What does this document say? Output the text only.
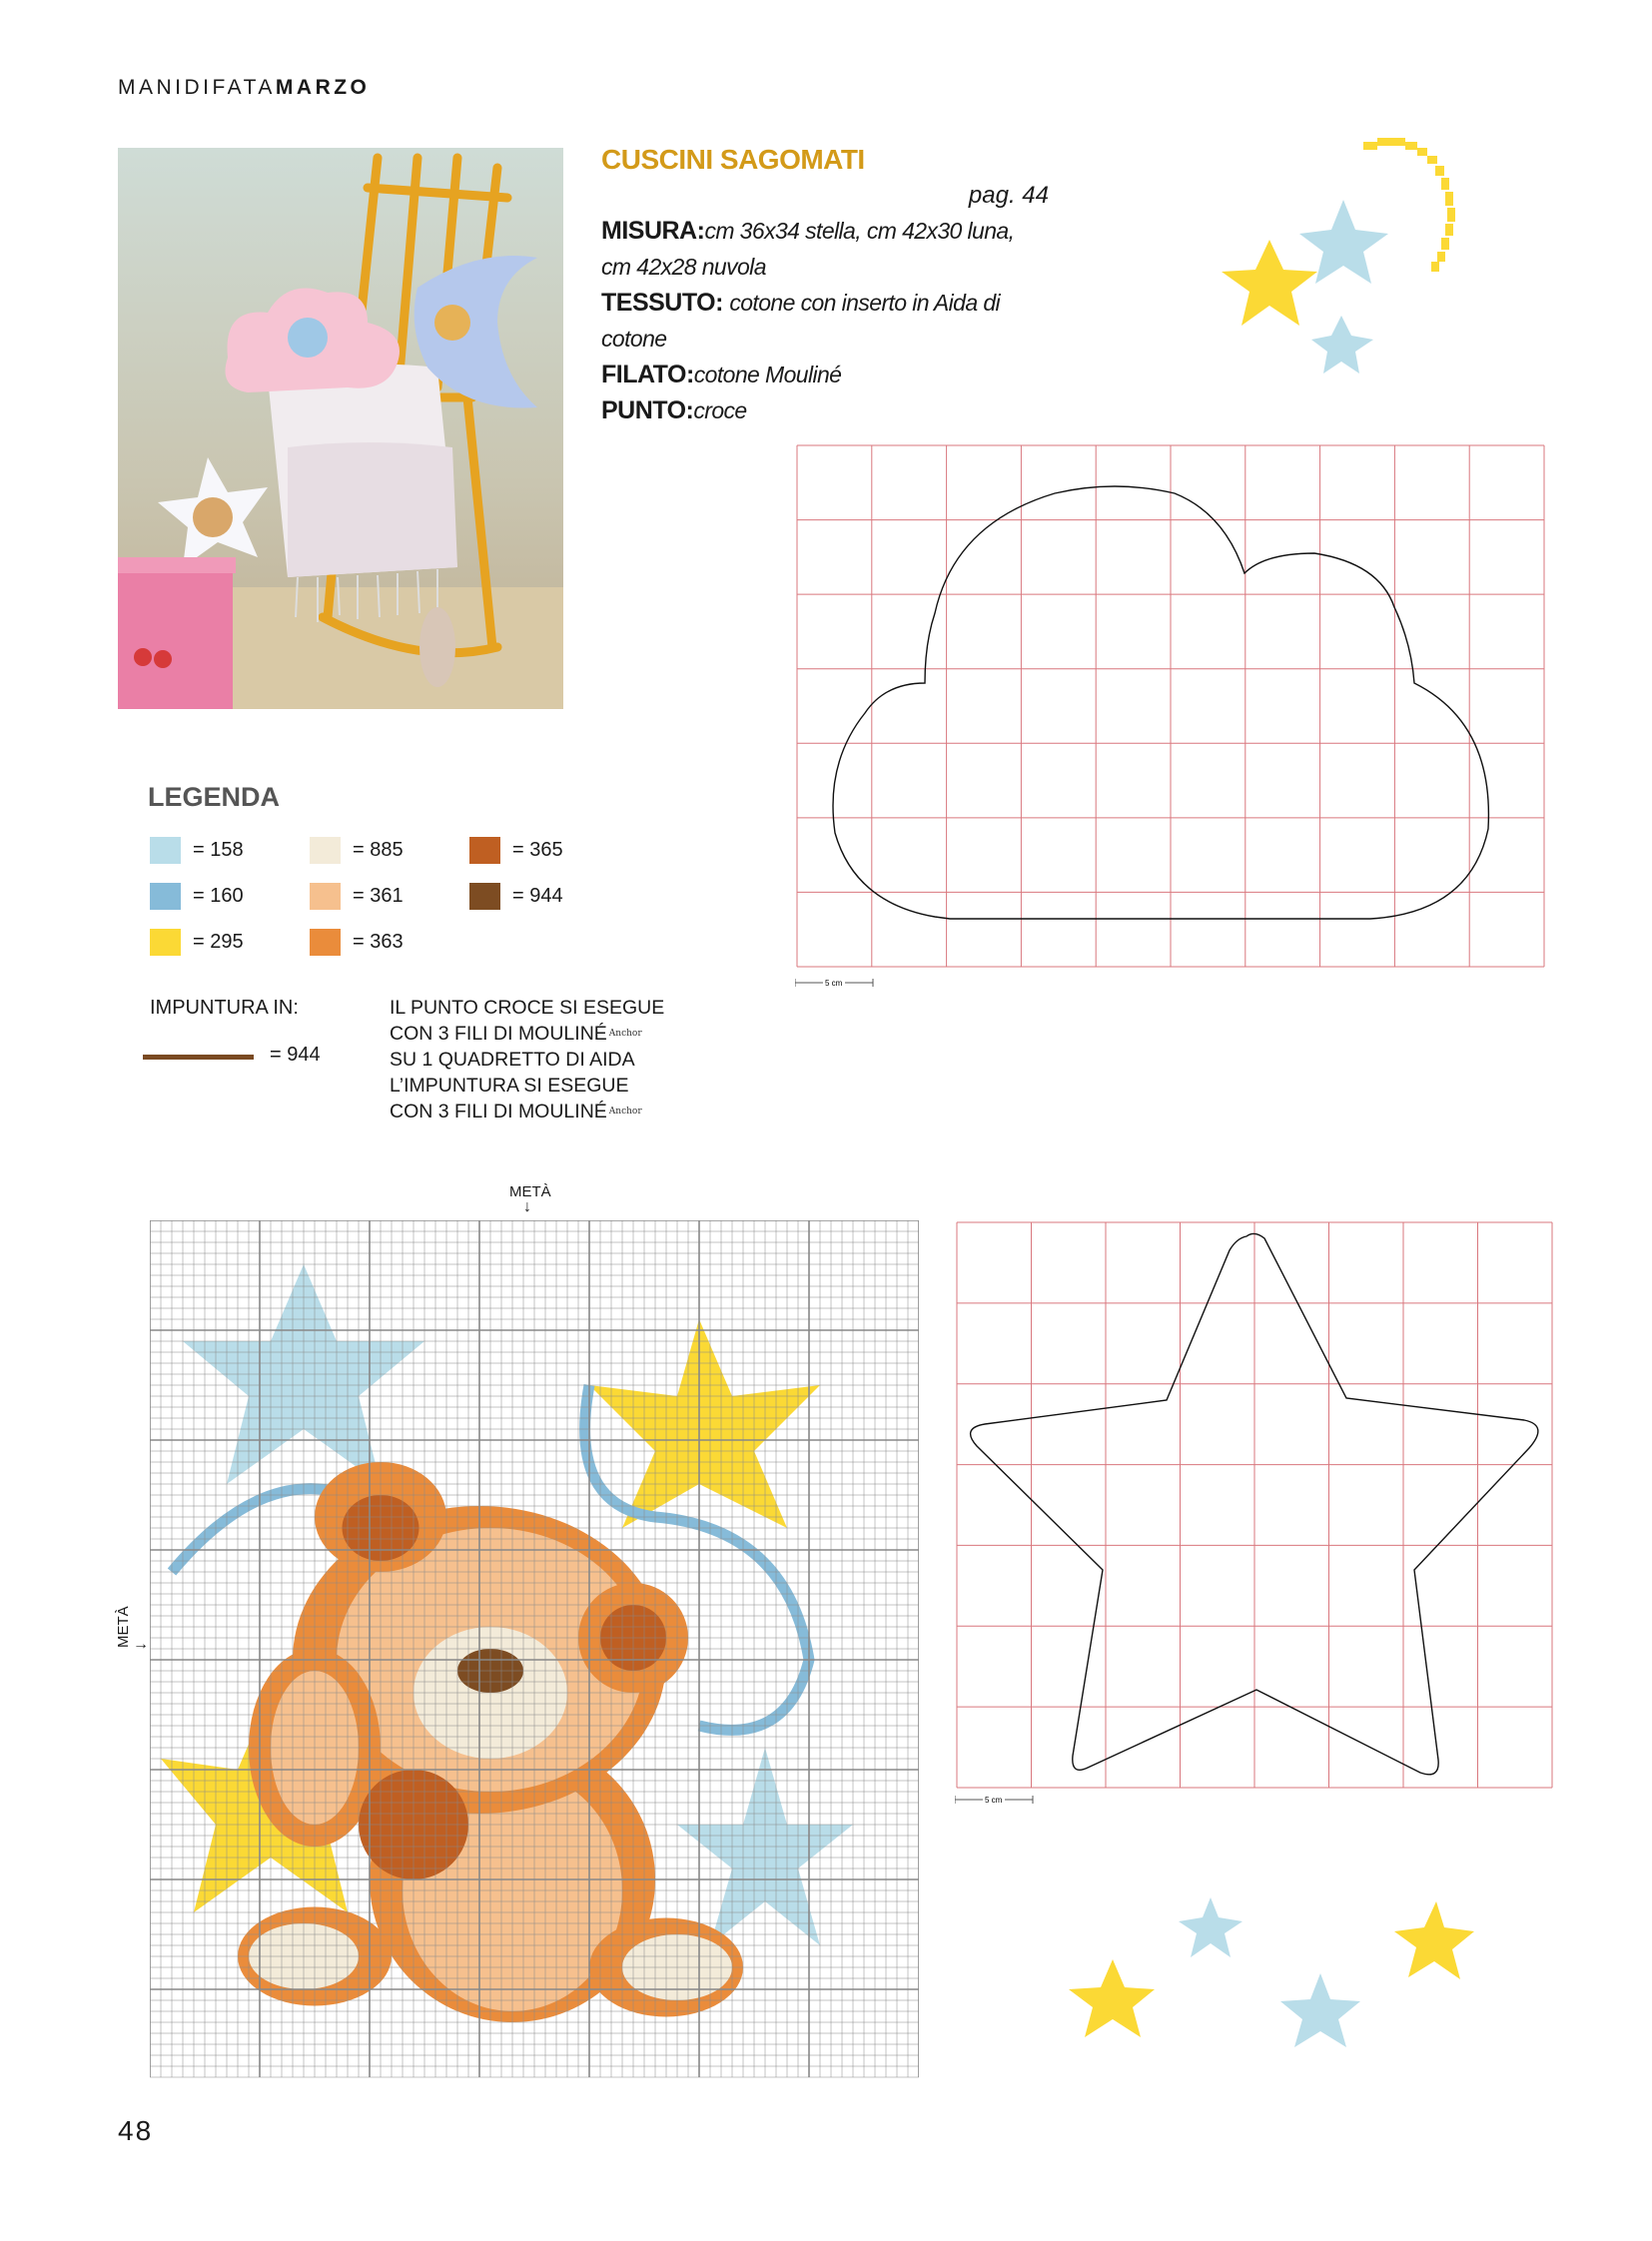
MANIDIFATAMARZO
CUSCINI SAGOMATI
pag. 44
MISURA:cm 36x34 stella, cm 42x30 luna,
cm 42x28 nuvola
TESSUTO: cotone con inserto in Aida di
cotone
FILATO:cotone Mouliné
PUNTO:croce
5 cm
LEGENDA
= 158
= 160
= 295
= 885
= 361
= 363
= 365
= 944
IMPUNTURA IN:
= 944
IL PUNTO CROCE SI ESEGUE
CON 3 FILI DI MOULINÉ $^{Anchor}$
SU 1 QUADRETTO DI AIDA
L’IMPUNTURA SI ESEGUE
CON 3 FILI DI MOULINÉ $^{Anchor}$
METÀ
↓
METÀ →
5 cm
48
